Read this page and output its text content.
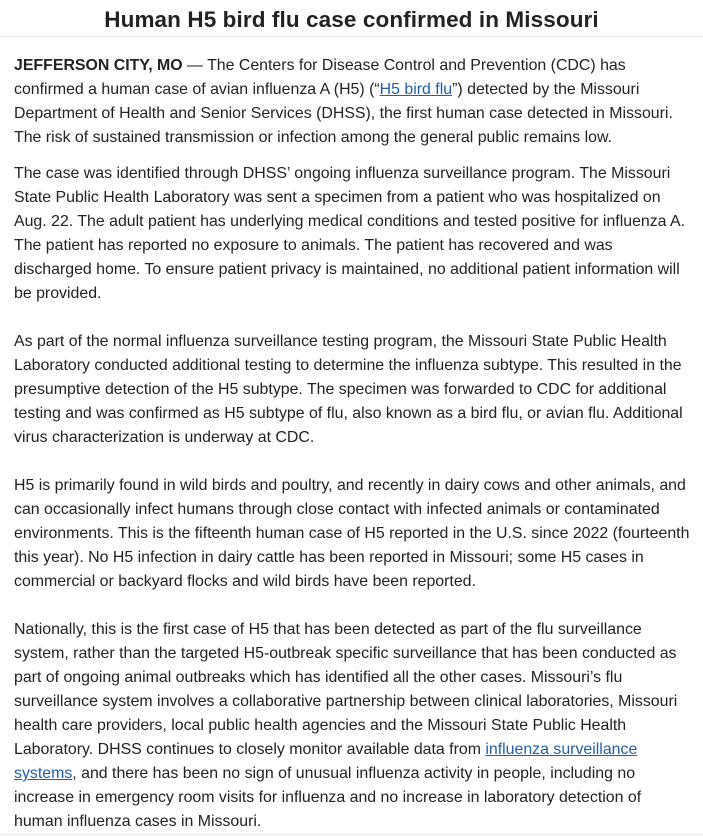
Human H5 bird flu case confirmed in Missouri

JEFFERSON CITY, MO — The Centers for Disease Control and Prevention (CDC) has confirmed a human case of avian influenza A (H5) (“H5 bird flu”) detected by the Missouri Department of Health and Senior Services (DHSS), the first human case detected in Missouri. The risk of sustained transmission or infection among the general public remains low.

The case was identified through DHSS’ ongoing influenza surveillance program. The Missouri State Public Health Laboratory was sent a specimen from a patient who was hospitalized on Aug. 22. The adult patient has underlying medical conditions and tested positive for influenza A. The patient has reported no exposure to animals. The patient has recovered and was discharged home. To ensure patient privacy is maintained, no additional patient information will be provided.

As part of the normal influenza surveillance testing program, the Missouri State Public Health Laboratory conducted additional testing to determine the influenza subtype. This resulted in the presumptive detection of the H5 subtype. The specimen was forwarded to CDC for additional testing and was confirmed as H5 subtype of flu, also known as a bird flu, or avian flu. Additional virus characterization is underway at CDC.

H5 is primarily found in wild birds and poultry, and recently in dairy cows and other animals, and can occasionally infect humans through close contact with infected animals or contaminated environments. This is the fifteenth human case of H5 reported in the U.S. since 2022 (fourteenth this year). No H5 infection in dairy cattle has been reported in Missouri; some H5 cases in commercial or backyard flocks and wild birds have been reported.

Nationally, this is the first case of H5 that has been detected as part of the flu surveillance system, rather than the targeted H5-outbreak specific surveillance that has been conducted as part of ongoing animal outbreaks which has identified all the other cases. Missouri’s flu surveillance system involves a collaborative partnership between clinical laboratories, Missouri health care providers, local public health agencies and the Missouri State Public Health Laboratory. DHSS continues to closely monitor available data from influenza surveillance systems, and there has been no sign of unusual influenza activity in people, including no increase in emergency room visits for influenza and no increase in laboratory detection of human influenza cases in Missouri.
